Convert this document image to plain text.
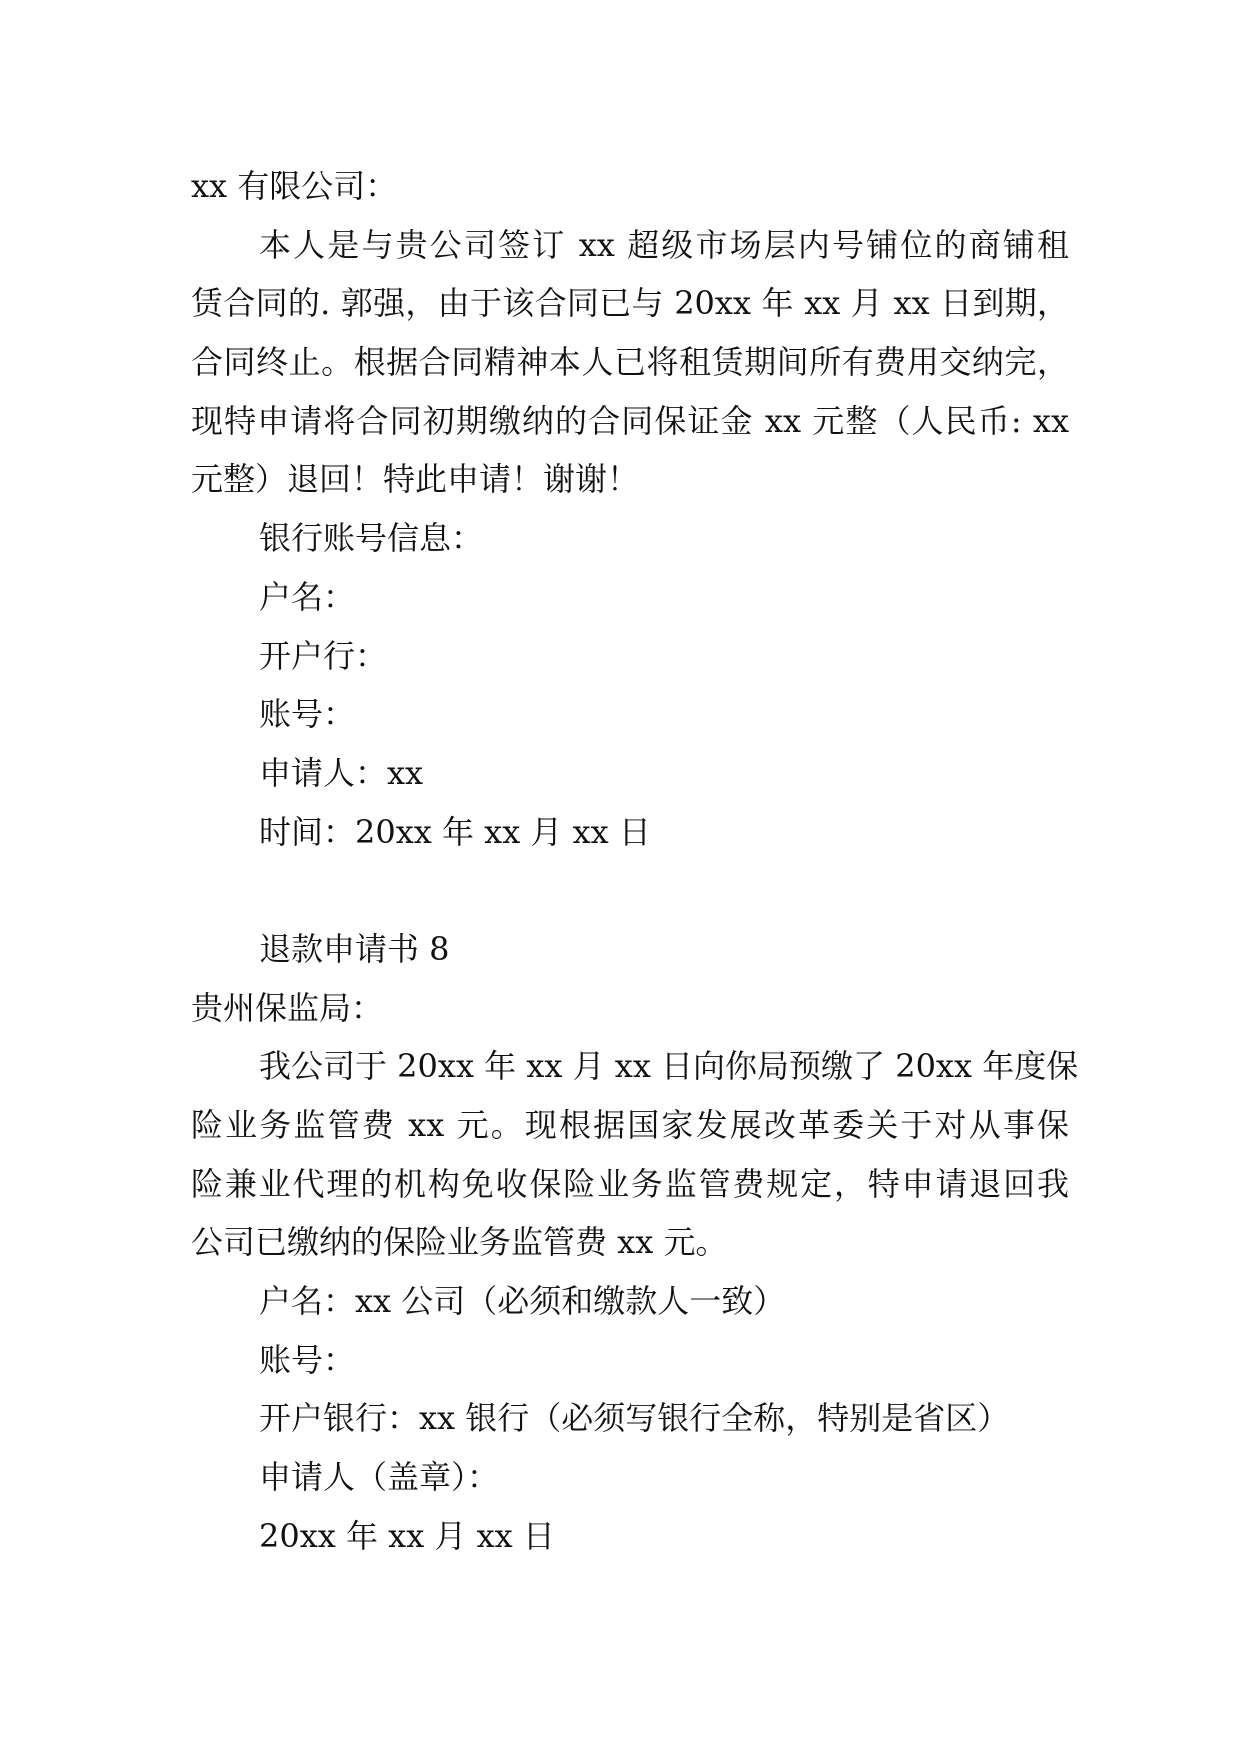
xx 有限公司：
本人是与贵公司签订 xx 超级市场层内号铺位的商铺租
赁合同的. 郭强，由于该合同已与 20xx 年 xx 月 xx 日到期，
合同终止。根据合同精神本人已将租赁期间所有费用交纳完，
现特申请将合同初期缴纳的合同保证金 xx 元整（人民币: xx
元整）退回！特此申请！谢谢！
银行账号信息：
户名：
开户行：
账号：
申请人：xx
时间：20xx 年 xx 月 xx 日
退款申请书 8
贵州保监局：
我公司于 20xx 年 xx 月 xx 日向你局预缴了 20xx 年度保
险业务监管费 xx 元。现根据国家发展改革委关于对从事保
险兼业代理的机构免收保险业务监管费规定，特申请退回我
公司已缴纳的保险业务监管费 xx 元。
户名：xx 公司（必须和缴款人一致）
账号：
开户银行：xx 银行（必须写银行全称，特别是省区）
申请人（盖章）：
20xx 年 xx 月 xx 日
